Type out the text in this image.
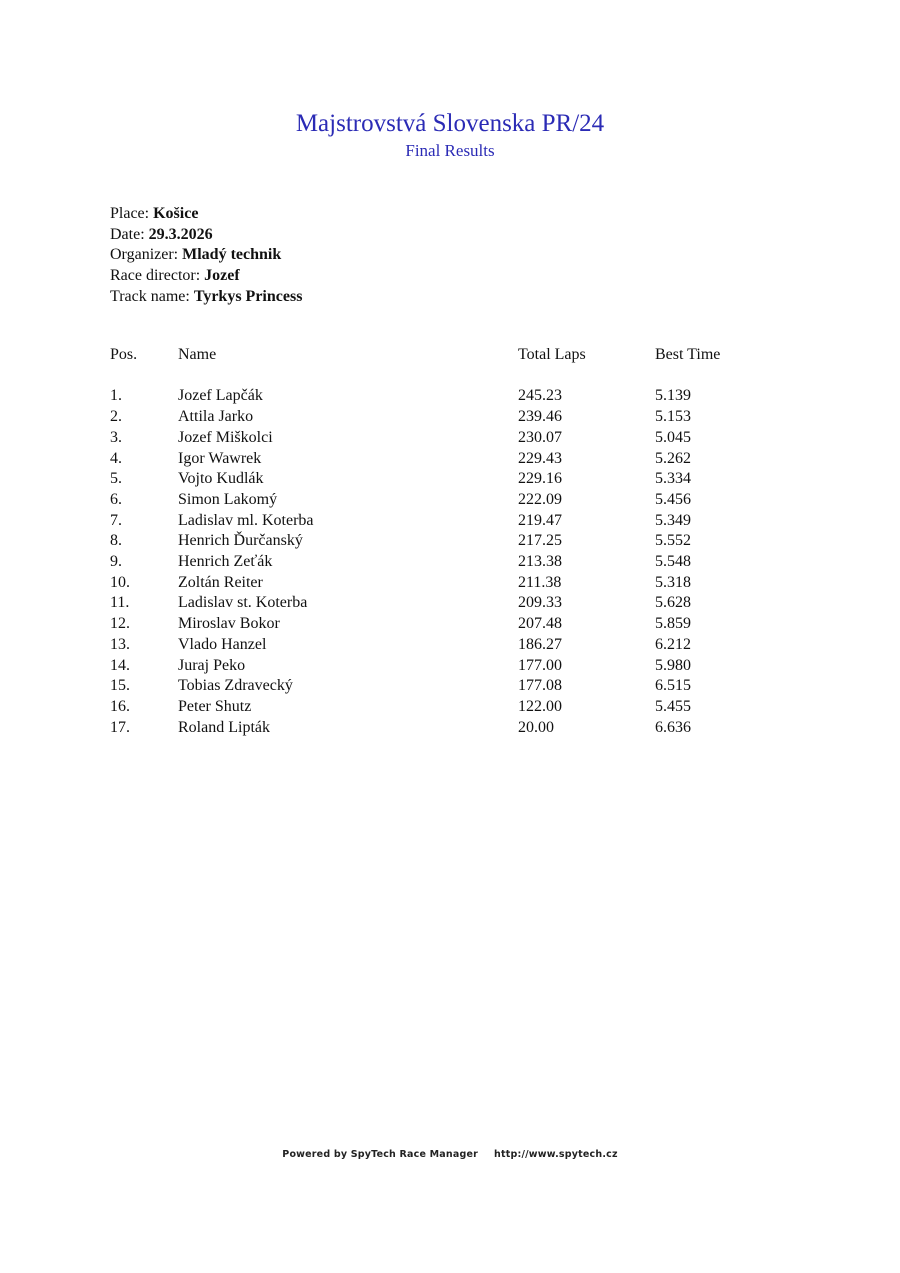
Majstrovstvá Slovenska PR/24
Final Results
Place: Košice
Date: 29.3.2026
Organizer: Mladý technik
Race director: Jozef
Track name: Tyrkys Princess
Pos.	Name	Total Laps	Best Time
1.	Jozef Lapčák	245.23	5.139
2.	Attila Jarko	239.46	5.153
3.	Jozef Miškolci	230.07	5.045
4.	Igor Wawrek	229.43	5.262
5.	Vojto Kudlák	229.16	5.334
6.	Simon Lakomý	222.09	5.456
7.	Ladislav ml. Koterba	219.47	5.349
8.	Henrich Ďurčanský	217.25	5.552
9.	Henrich Zeťák	213.38	5.548
10.	Zoltán Reiter	211.38	5.318
11.	Ladislav st. Koterba	209.33	5.628
12.	Miroslav Bokor	207.48	5.859
13.	Vlado Hanzel	186.27	6.212
14.	Juraj Peko	177.00	5.980
15.	Tobias Zdravecký	177.08	6.515
16.	Peter Shutz	122.00	5.455
17.	Roland Lipták	20.00	6.636
Powered by SpyTech Race Manager http://www.spytech.cz
